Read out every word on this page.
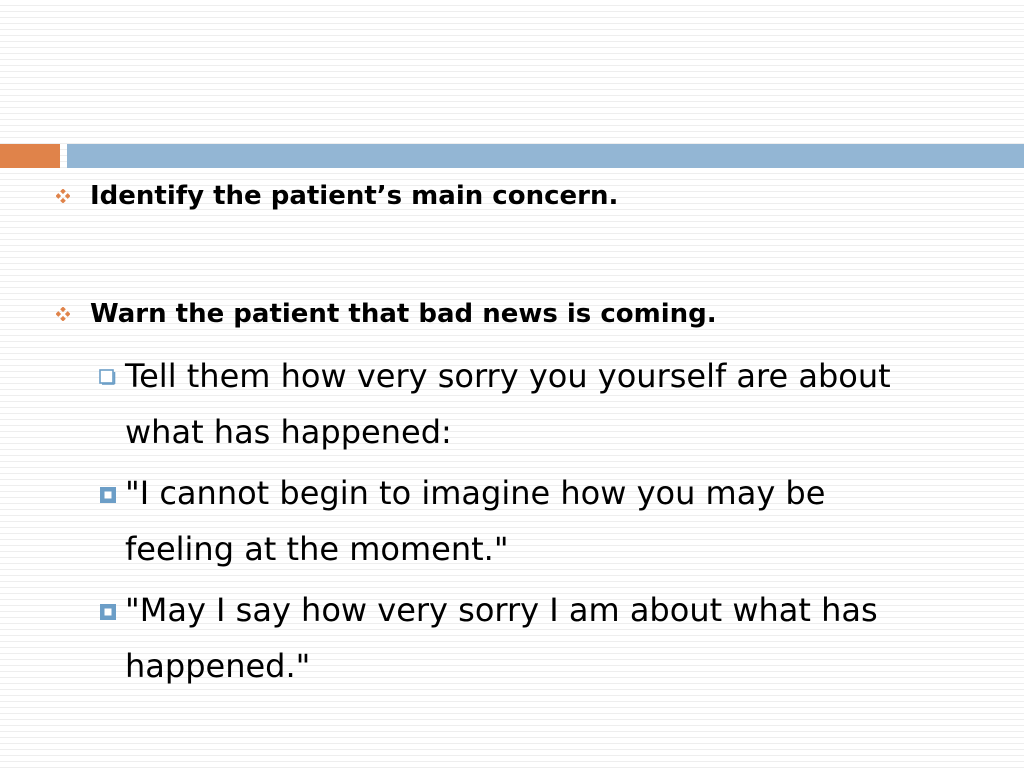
Identify the patient’s main concern.
Warn the patient that bad news is coming.
Tell them how very sorry you yourself are about what has happened:
"I cannot begin to imagine how you may be feeling at the moment."
"May I say how very sorry I am about what has happened."
